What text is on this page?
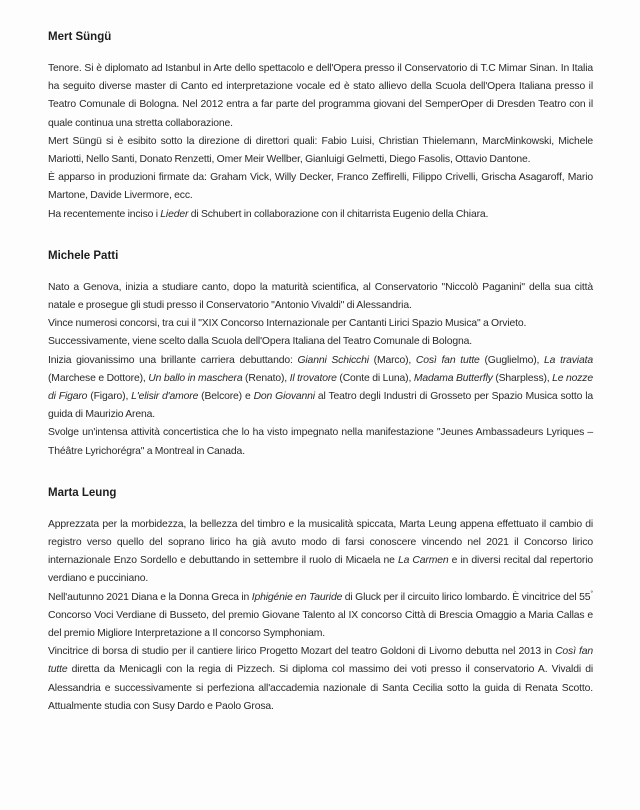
Mert Süngü

Tenore. Si è diplomato ad Istanbul in Arte dello spettacolo e dell'Opera presso il Conservatorio di T.C Mimar Sinan. In Italia ha seguito diverse master di Canto ed interpretazione vocale ed è stato allievo della Scuola dell'Opera Italiana presso il Teatro Comunale di Bologna. Nel 2012 entra a far parte del programma giovani del SemperOper di Dresden Teatro con il quale continua una stretta collaborazione.

Mert Süngü si è esibito sotto la direzione di direttori quali: Fabio Luisi, Christian Thielemann, MarcMinkowski, Michele Mariotti, Nello Santi, Donato Renzetti, Omer Meir Wellber, Gianluigi Gelmetti, Diego Fasolis, Ottavio Dantone.

È apparso in produzioni firmate da: Graham Vick, Willy Decker, Franco Zeffirelli, Filippo Crivelli, Grischa Asagaroff, Mario Martone, Davide Livermore, ecc.

Ha recentemente inciso i Lieder di Schubert in collaborazione con il chitarrista Eugenio della Chiara.

Michele Patti

Nato a Genova, inizia a studiare canto, dopo la maturità scientifica, al Conservatorio "Niccolò Paganini" della sua città natale e prosegue gli studi presso il Conservatorio "Antonio Vivaldi" di Alessandria.

Vince numerosi concorsi, tra cui il "XIX Concorso Internazionale per Cantanti Lirici Spazio Musica" a Orvieto.

Successivamente, viene scelto dalla Scuola dell'Opera Italiana del Teatro Comunale di Bologna.

Inizia giovanissimo una brillante carriera debuttando: Gianni Schicchi (Marco), Così fan tutte (Guglielmo), La traviata (Marchese e Dottore), Un ballo in maschera (Renato), Il trovatore (Conte di Luna), Madama Butterfly (Sharpless), Le nozze di Figaro (Figaro), L'elisir d'amore (Belcore) e Don Giovanni al Teatro degli Industri di Grosseto per Spazio Musica sotto la guida di Maurizio Arena.

Svolge un'intensa attività concertistica che lo ha visto impegnato nella manifestazione "Jeunes Ambassadeurs Lyriques – Théâtre Lyrichorégra" a Montreal in Canada.

Marta Leung

Apprezzata per la morbidezza, la bellezza del timbro e la musicalità spiccata, Marta Leung appena effettuato il cambio di registro verso quello del soprano lirico ha già avuto modo di farsi conoscere vincendo nel 2021 il Concorso lirico internazionale Enzo Sordello e debuttando in settembre il ruolo di Micaela ne La Carmen e in diversi recital dal repertorio verdiano e pucciniano.

Nell'autunno 2021 Diana e la Donna Greca in Iphigénie en Tauride di Gluck per il circuito lirico lombardo. È vincitrice del 55° Concorso Voci Verdiane di Busseto, del premio Giovane Talento al IX concorso Città di Brescia Omaggio a Maria Callas e del premio Migliore Interpretazione a Il concorso Symphoniam.

Vincitrice di borsa di studio per il cantiere lirico Progetto Mozart del teatro Goldoni di Livorno debutta nel 2013 in Così fan tutte diretta da Menicagli con la regia di Pizzech. Si diploma col massimo dei voti presso il conservatorio A. Vivaldi di Alessandria e successivamente si perfeziona all'accademia nazionale di Santa Cecilia sotto la guida di Renata Scotto. Attualmente studia con Susy Dardo e Paolo Grosa.
